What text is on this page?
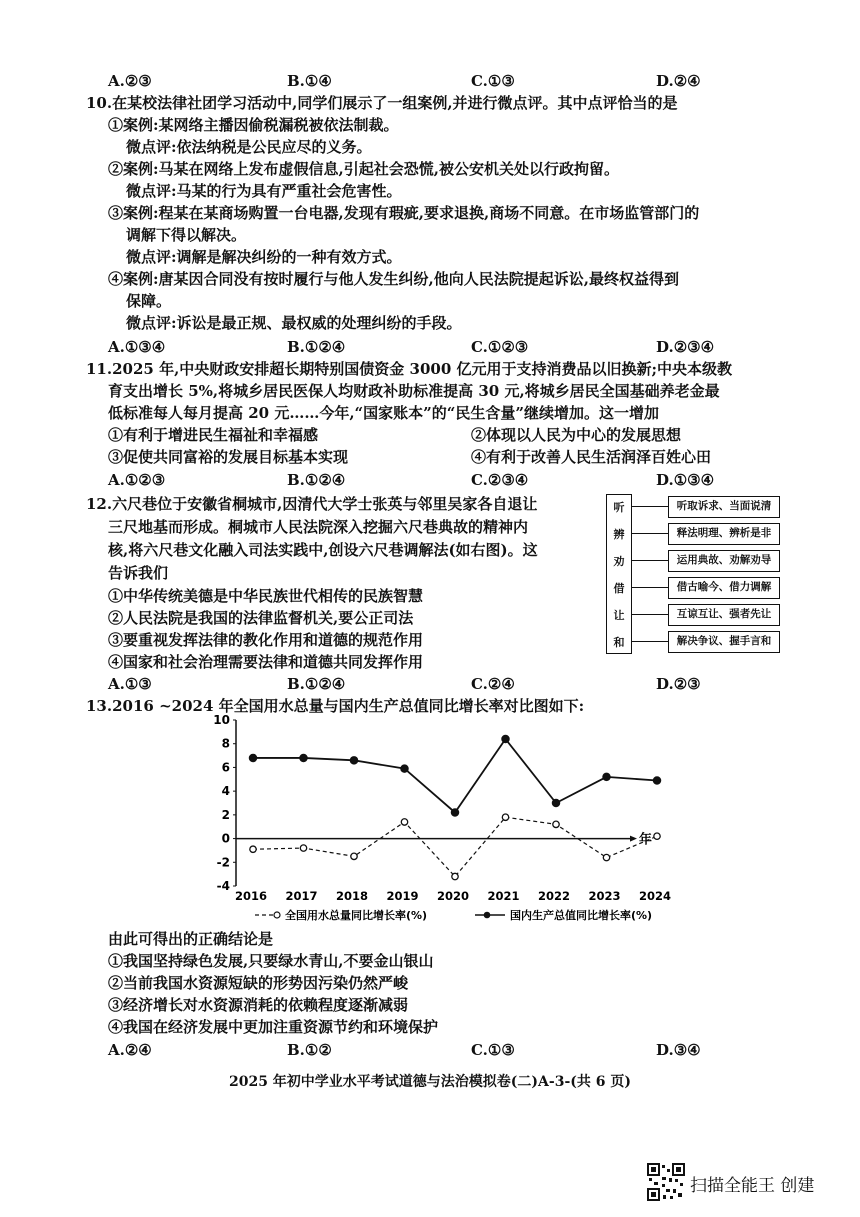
A.②③	B.①④	C.①③	D.②④
10.在某校法律社团学习活动中,同学们展示了一组案例,并进行微点评。其中点评恰当的是
①案例:某网络主播因偷税漏税被依法制裁。
微点评:依法纳税是公民应尽的义务。
②案例:马某在网络上发布虚假信息,引起社会恐慌,被公安机关处以行政拘留。
微点评:马某的行为具有严重社会危害性。
③案例:程某在某商场购置一台电器,发现有瑕疵,要求退换,商场不同意。在市场监管部门的
调解下得以解决。
微点评:调解是解决纠纷的一种有效方式。
④案例:唐某因合同没有按时履行与他人发生纠纷,他向人民法院提起诉讼,最终权益得到
保障。
微点评:诉讼是最正规、最权威的处理纠纷的手段。
A.①③④	B.①②④	C.①②③	D.②③④
11.2025 年,中央财政安排超长期特别国债资金 3000 亿元用于支持消费品以旧换新;中央本级教
育支出增长 5%,将城乡居民医保人均财政补助标准提高 30 元,将城乡居民全国基础养老金最
低标准每人每月提高 20 元……今年,“国家账本”的“民生含量”继续增加。这一增加
①有利于增进民生福祉和幸福感	②体现以人民为中心的发展思想
③促使共同富裕的发展目标基本实现	④有利于改善人民生活润泽百姓心田
A.①②③	B.①②④	C.②③④	D.①③④
12.六尺巷位于安徽省桐城市,因清代大学士张英与邻里吴家各自退让
三尺地基而形成。桐城市人民法院深入挖掘六尺巷典故的精神内
核,将六尺巷文化融入司法实践中,创设六尺巷调解法(如右图)。这
告诉我们
①中华传统美德是中华民族世代相传的民族智慧
②人民法院是我国的法律监督机关,要公正司法
③要重视发挥法律的教化作用和道德的规范作用
④国家和社会治理需要法律和道德共同发挥作用
A.①③	B.①②④	C.②④	D.②③
听
辨
劝
借
让
和
听取诉求、当面说清
释法明理、辨析是非
运用典故、劝解劝导
借古喻今、借力调解
互谅互让、强者先让
解决争议、握手言和
13.2016 ~2024 年全国用水总量与国内生产总值同比增长率对比图如下:
年
10
8
6
4
2
0
-2
-4
2016 2017 2018 2019 2020 2021 2022 2023 2024
全国用水总量同比增长率(%)	国内生产总值同比增长率(%)
由此可得出的正确结论是
①我国坚持绿色发展,只要绿水青山,不要金山银山
②当前我国水资源短缺的形势因污染仍然严峻
③经济增长对水资源消耗的依赖程度逐渐减弱
④我国在经济发展中更加注重资源节约和环境保护
A.②④	B.①②	C.①③	D.③④
2025 年初中学业水平考试道德与法治模拟卷(二)A-3-(共 6 页)
扫描全能王 创建
